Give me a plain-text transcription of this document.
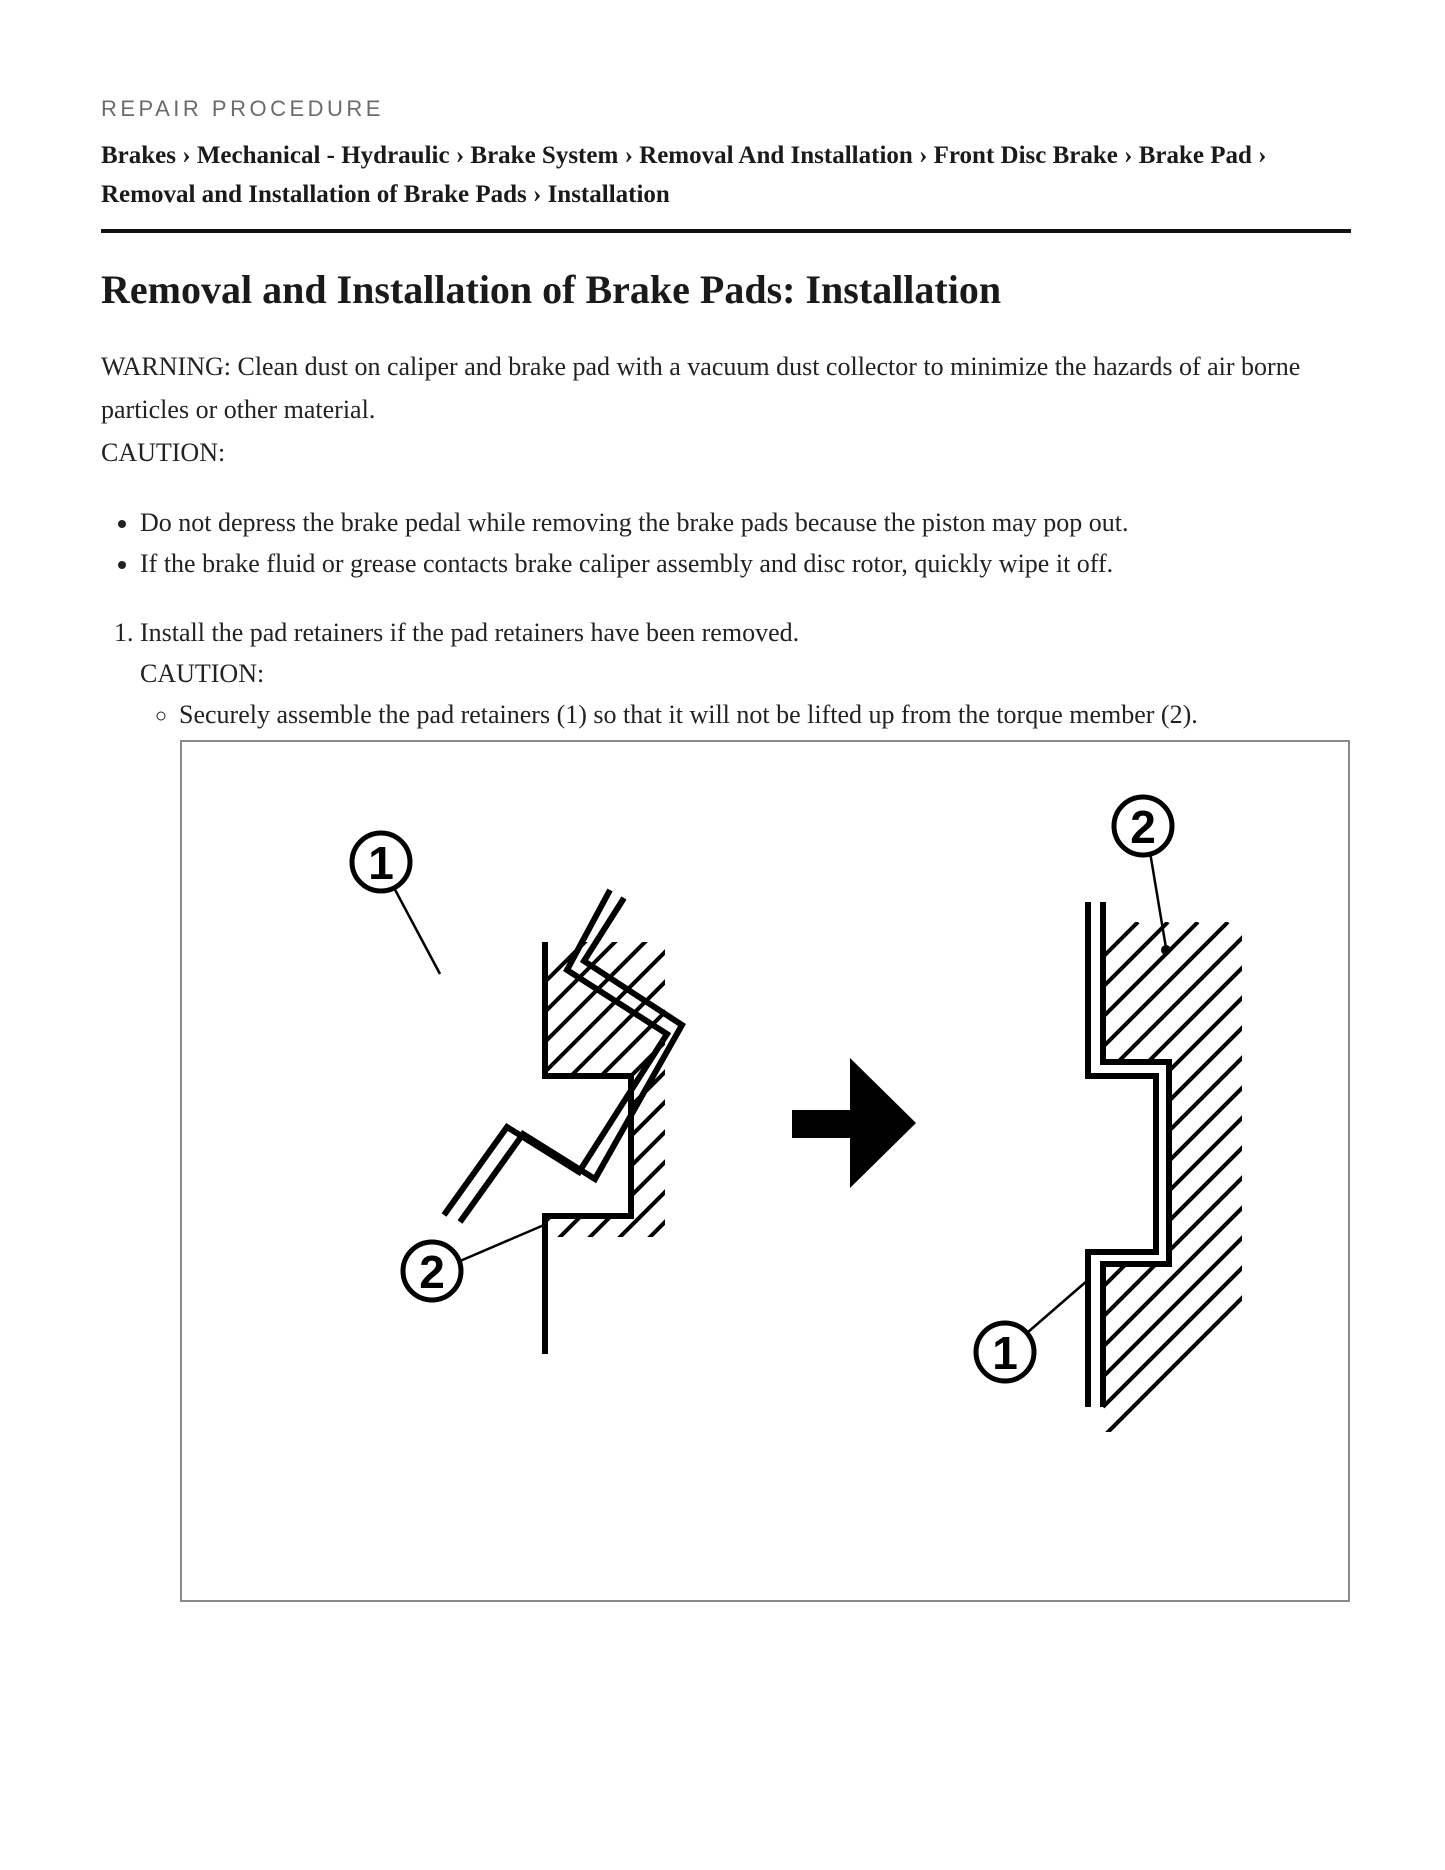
REPAIR PROCEDURE
Brakes › Mechanical - Hydraulic › Brake System › Removal And Installation › Front Disc Brake › Brake Pad ›
Removal and Installation of Brake Pads › Installation
Removal and Installation of Brake Pads: Installation
WARNING: Clean dust on caliper and brake pad with a vacuum dust collector to minimize the hazards of air borne particles or other material.
CAUTION:
• Do not depress the brake pedal while removing the brake pads because the piston may pop out.
• If the brake fluid or grease contacts brake caliper assembly and disc rotor, quickly wipe it off.
1. Install the pad retainers if the pad retainers have been removed.
CAUTION:
◦ Securely assemble the pad retainers (1) so that it will not be lifted up from the torque member (2).
1
2
2
1
